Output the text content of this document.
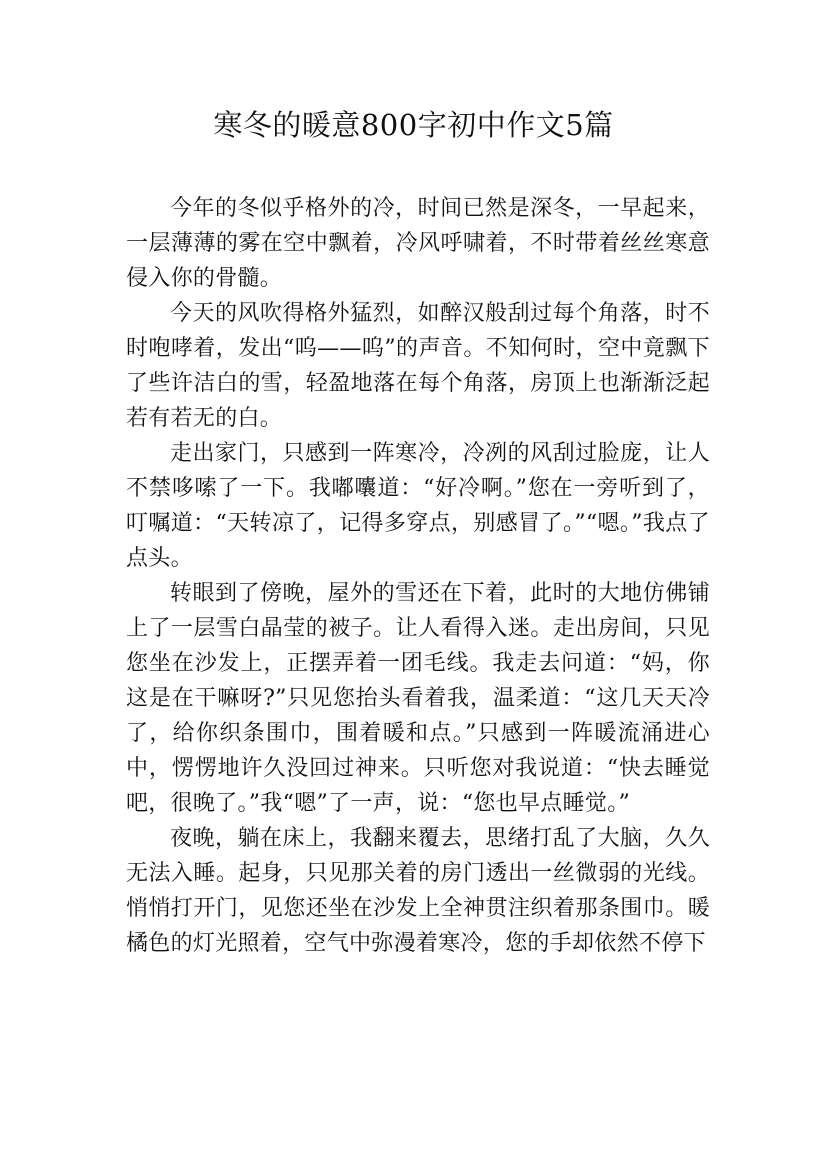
寒冬的暖意800字初中作文5篇

今年的冬似乎格外的冷，时间已然是深冬，一早起来，一层薄薄的雾在空中飘着，冷风呼啸着，不时带着丝丝寒意侵入你的骨髓。

今天的风吹得格外猛烈，如醉汉般刮过每个角落，时不时咆哮着，发出“呜——呜”的声音。不知何时，空中竟飘下了些许洁白的雪，轻盈地落在每个角落，房顶上也渐渐泛起若有若无的白。

走出家门，只感到一阵寒冷，冷冽的风刮过脸庞，让人不禁哆嗦了一下。我嘟囔道：“好冷啊。”您在一旁听到了，叮嘱道：“天转凉了，记得多穿点，别感冒了。”“嗯。”我点了点头。

转眼到了傍晚，屋外的雪还在下着，此时的大地仿佛铺上了一层雪白晶莹的被子。让人看得入迷。走出房间，只见您坐在沙发上，正摆弄着一团毛线。我走去问道：“妈，你这是在干嘛呀?”只见您抬头看着我，温柔道：“这几天天冷了，给你织条围巾，围着暖和点。”只感到一阵暖流涌进心中，愣愣地许久没回过神来。只听您对我说道：“快去睡觉吧，很晚了。”我“嗯”了一声，说：“您也早点睡觉。”

夜晚，躺在床上，我翻来覆去，思绪打乱了大脑，久久无法入睡。起身，只见那关着的房门透出一丝微弱的光线。悄悄打开门，见您还坐在沙发上全神贯注织着那条围巾。暖橘色的灯光照着，空气中弥漫着寒冷，您的手却依然不停下
